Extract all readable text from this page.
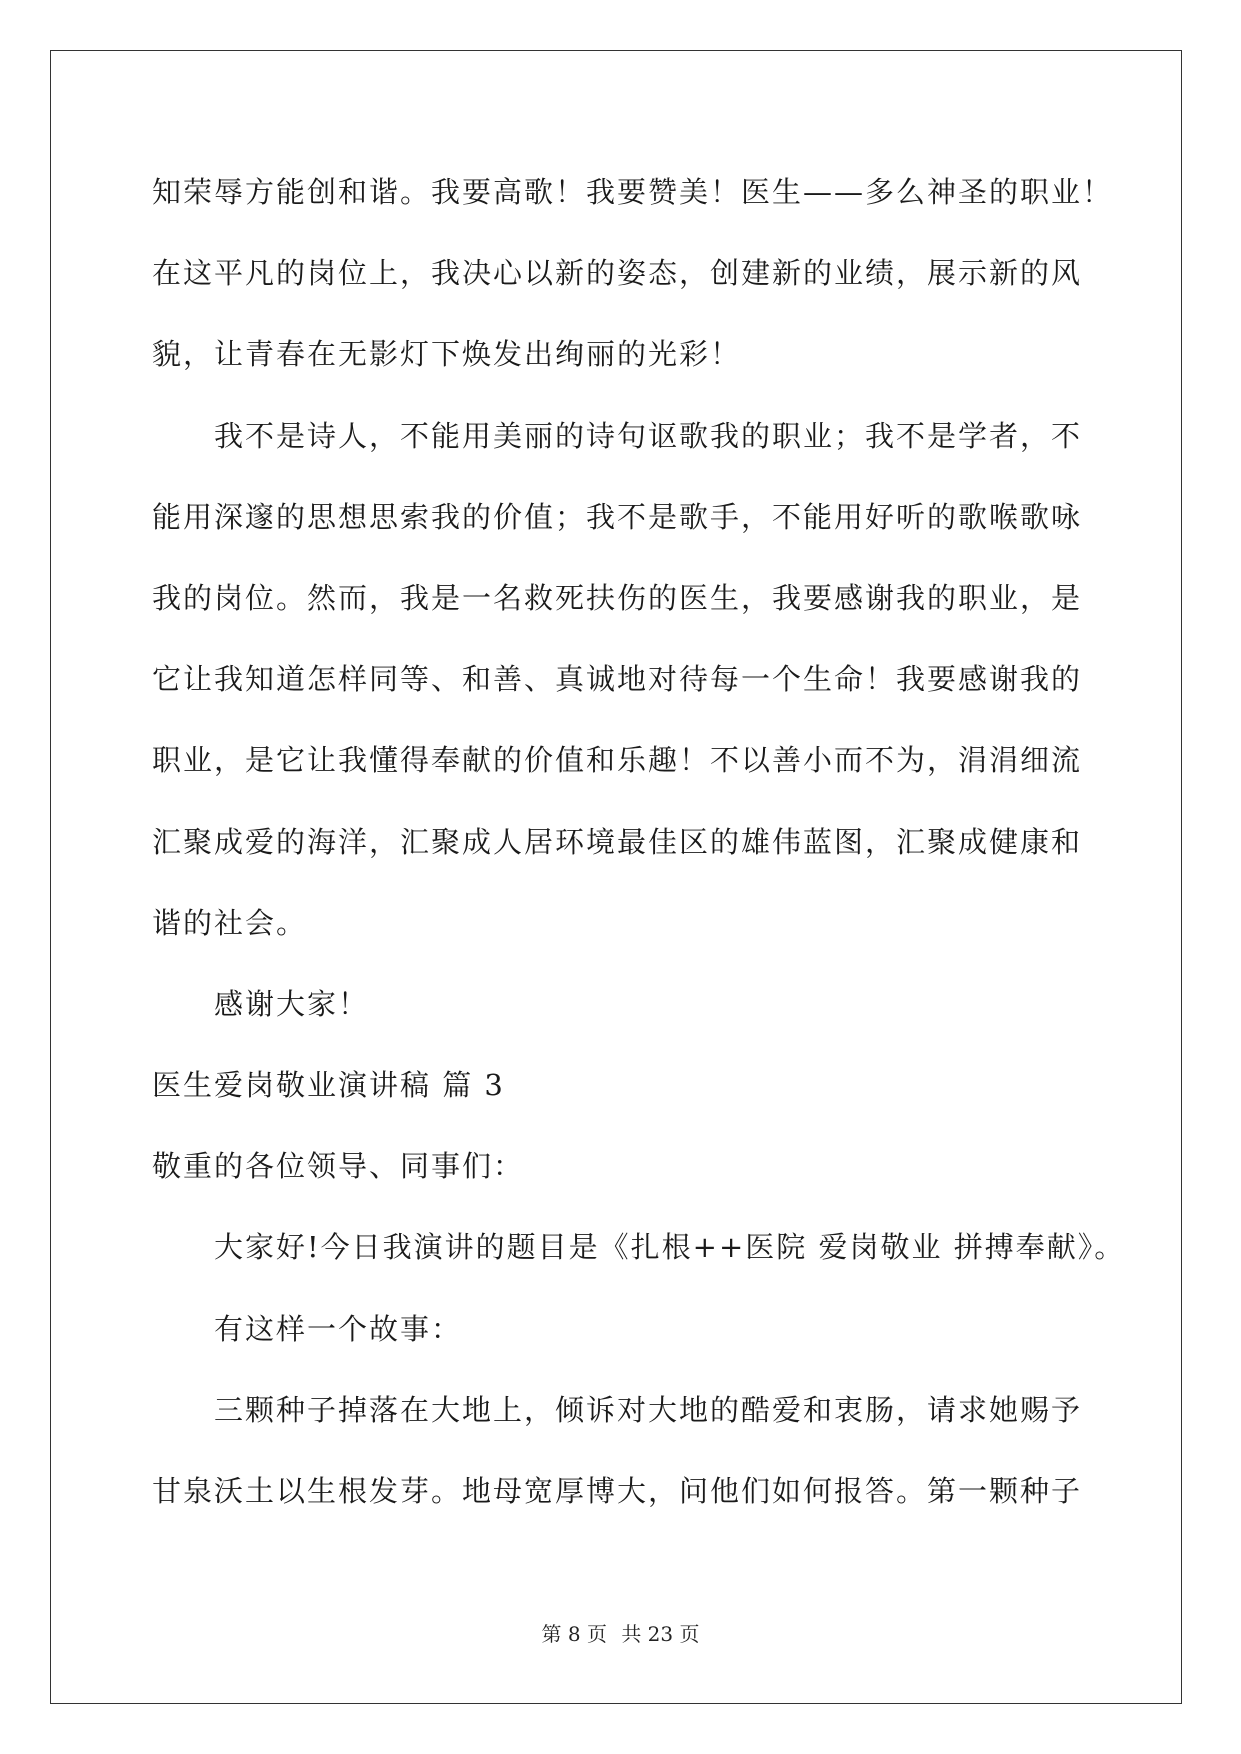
知荣辱方能创和谐。我要高歌！我要赞美！医生——多么神圣的职业！
在这平凡的岗位上，我决心以新的姿态，创建新的业绩，展示新的风
貌，让青春在无影灯下焕发出绚丽的光彩！
我不是诗人，不能用美丽的诗句讴歌我的职业；我不是学者，不
能用深邃的思想思索我的价值；我不是歌手，不能用好听的歌喉歌咏
我的岗位。然而，我是一名救死扶伤的医生，我要感谢我的职业，是
它让我知道怎样同等、和善、真诚地对待每一个生命！我要感谢我的
职业，是它让我懂得奉献的价值和乐趣！不以善小而不为，涓涓细流
汇聚成爱的海洋，汇聚成人居环境最佳区的雄伟蓝图，汇聚成健康和
谐的社会。
感谢大家！
医生爱岗敬业演讲稿 篇 3
敬重的各位领导、同事们：
大家好!今日我演讲的题目是《扎根++医院 爱岗敬业 拼搏奉献》。
有这样一个故事：
三颗种子掉落在大地上，倾诉对大地的酷爱和衷肠，请求她赐予
甘泉沃土以生根发芽。地母宽厚博大，问他们如何报答。第一颗种子
第 8 页 共 23 页
